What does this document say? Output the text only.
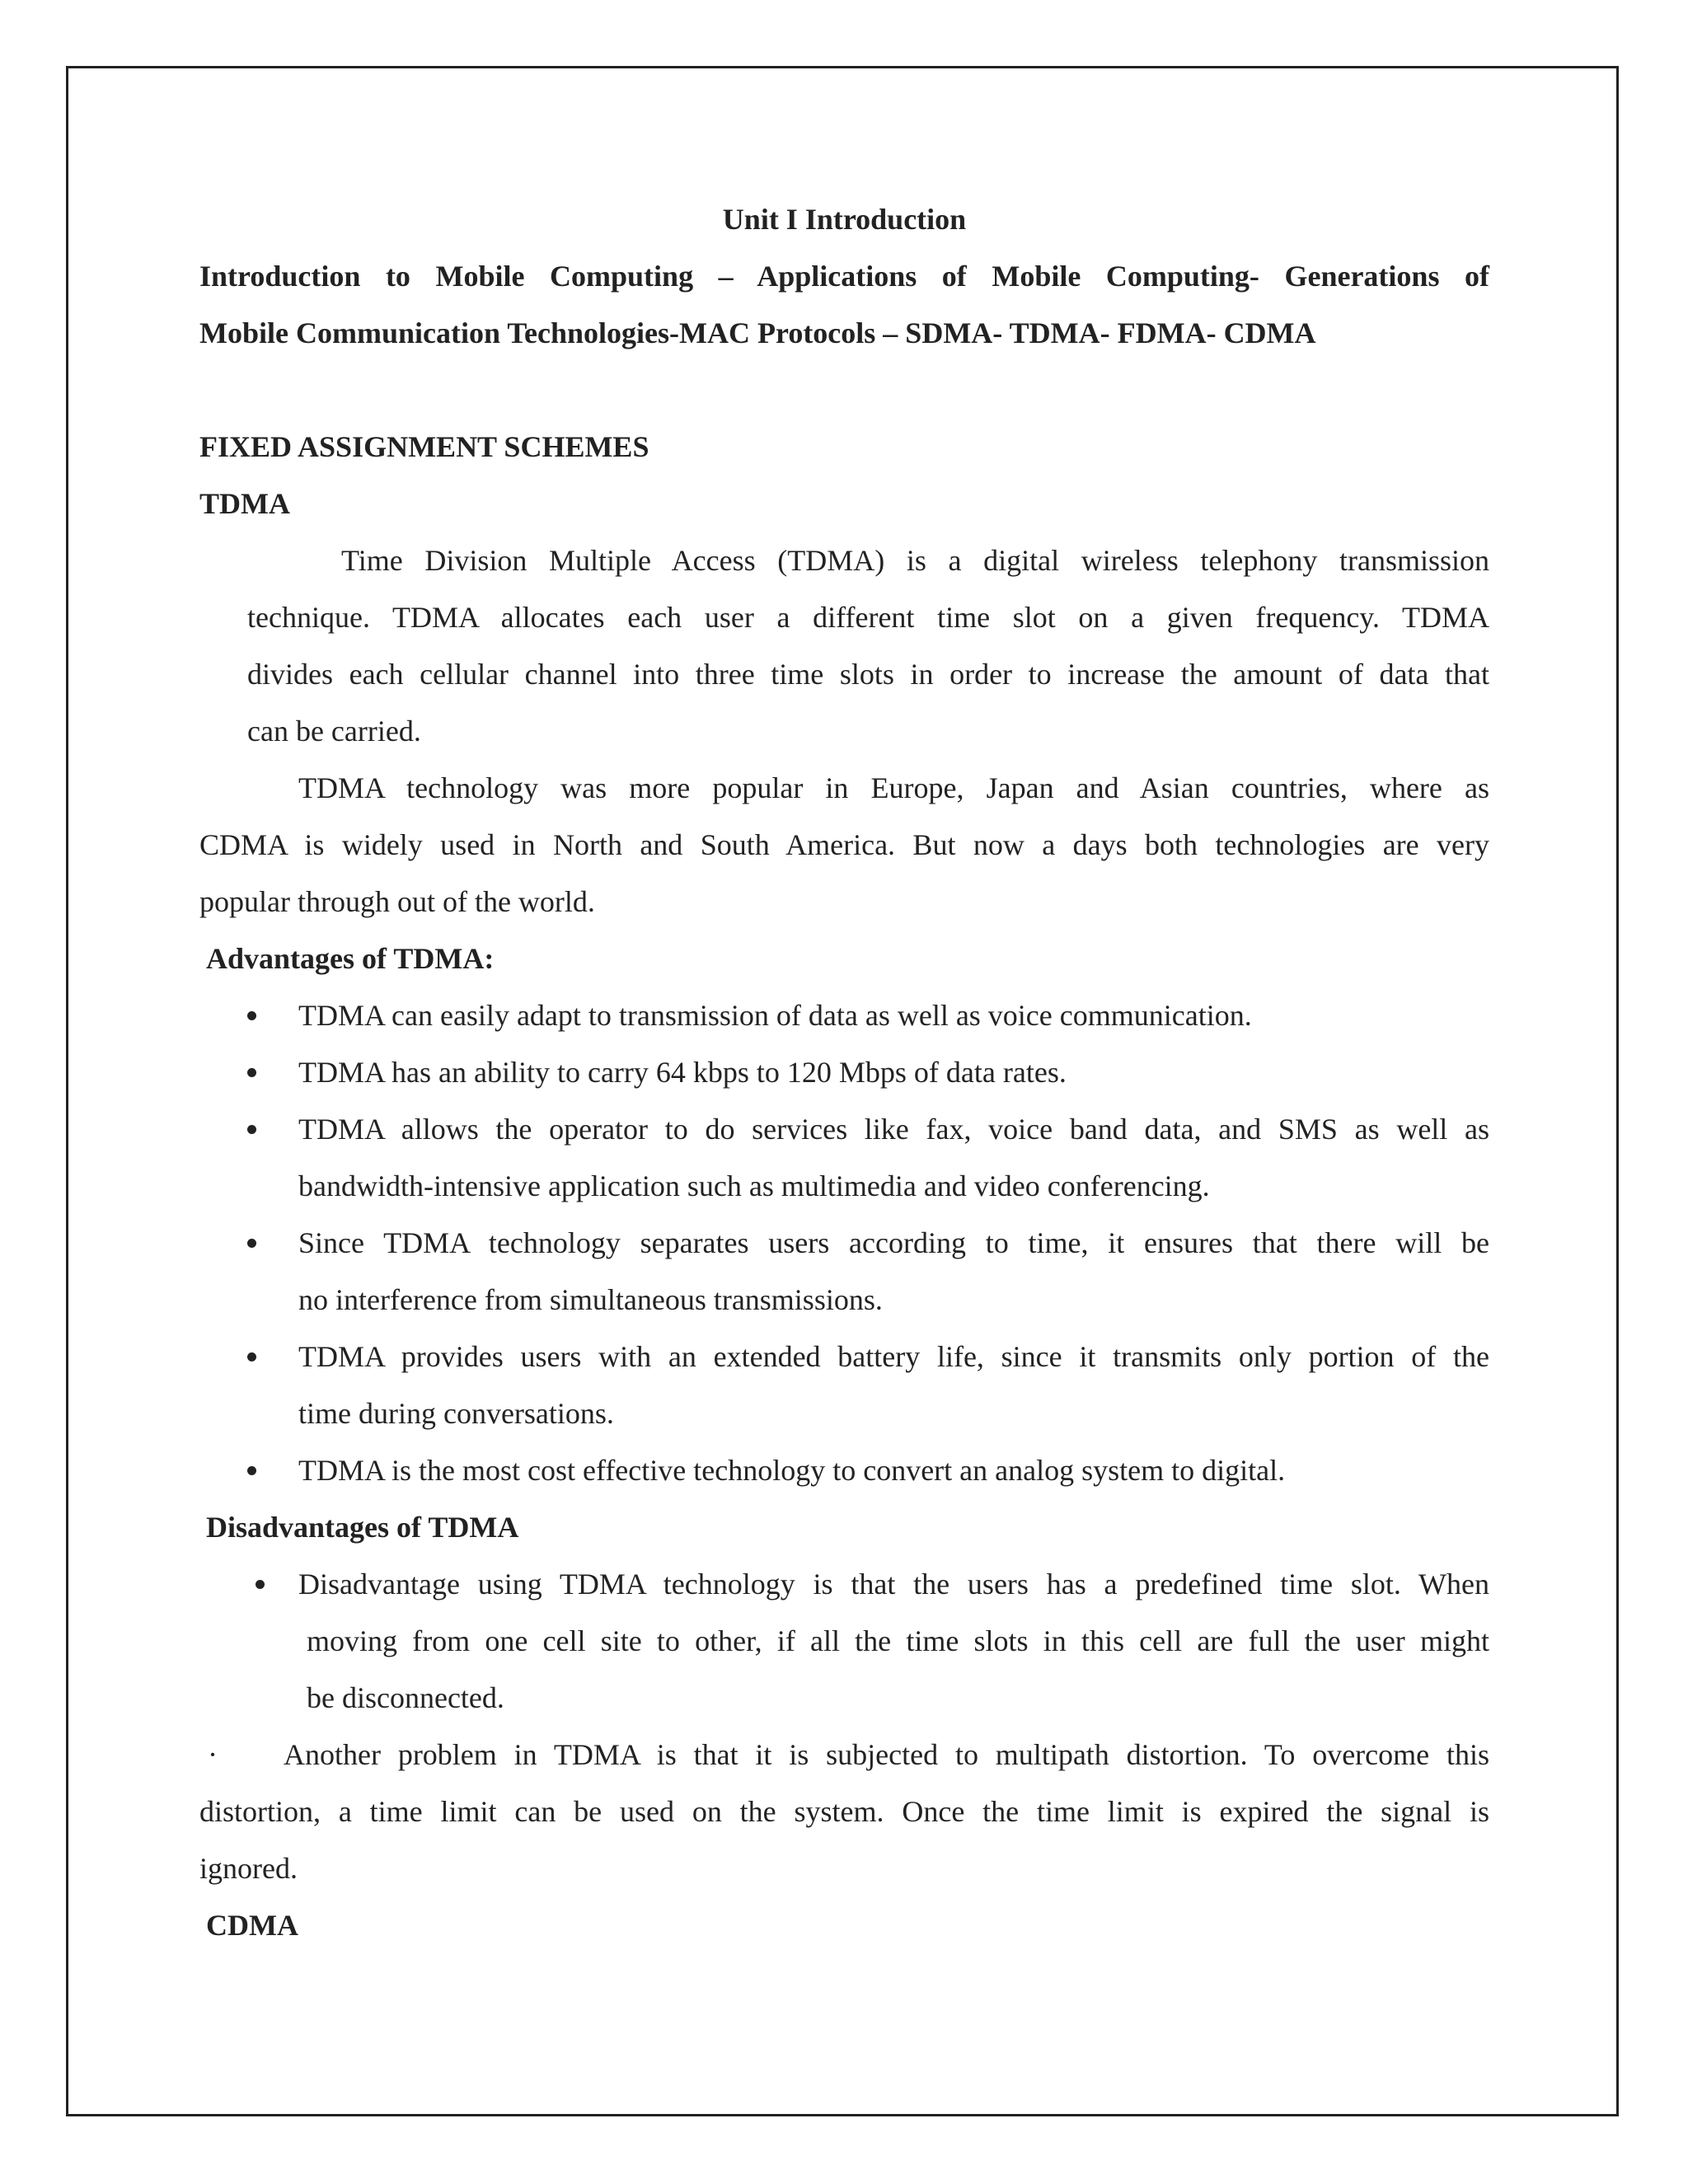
Unit I Introduction
Introduction to Mobile Computing – Applications of Mobile Computing- Generations of
Mobile Communication Technologies-MAC Protocols – SDMA- TDMA- FDMA- CDMA
FIXED ASSIGNMENT SCHEMES
TDMA
Time Division Multiple Access (TDMA) is a digital wireless telephony transmission
technique. TDMA allocates each user a different time slot on a given frequency. TDMA
divides each cellular channel into three time slots in order to increase the amount of data that
can be carried.
TDMA technology was more popular in Europe, Japan and Asian countries, where as
CDMA is widely used in North and South America. But now a days both technologies are very
popular through out of the world.
Advantages of TDMA:
TDMA can easily adapt to transmission of data as well as voice communication.
TDMA has an ability to carry 64 kbps to 120 Mbps of data rates.
TDMA allows the operator to do services like fax, voice band data, and SMS as well as
bandwidth-intensive application such as multimedia and video conferencing.
Since TDMA technology separates users according to time, it ensures that there will be
no interference from simultaneous transmissions.
TDMA provides users with an extended battery life, since it transmits only portion of the
time during conversations.
TDMA is the most cost effective technology to convert an analog system to digital.
Disadvantages of TDMA
Disadvantage using TDMA technology is that the users has a predefined time slot. When
moving from one cell site to other, if all the time slots in this cell are full the user might
be disconnected.
·	Another problem in TDMA is that it is subjected to multipath distortion. To overcome this
distortion, a time limit can be used on the system. Once the time limit is expired the signal is
ignored.
CDMA
